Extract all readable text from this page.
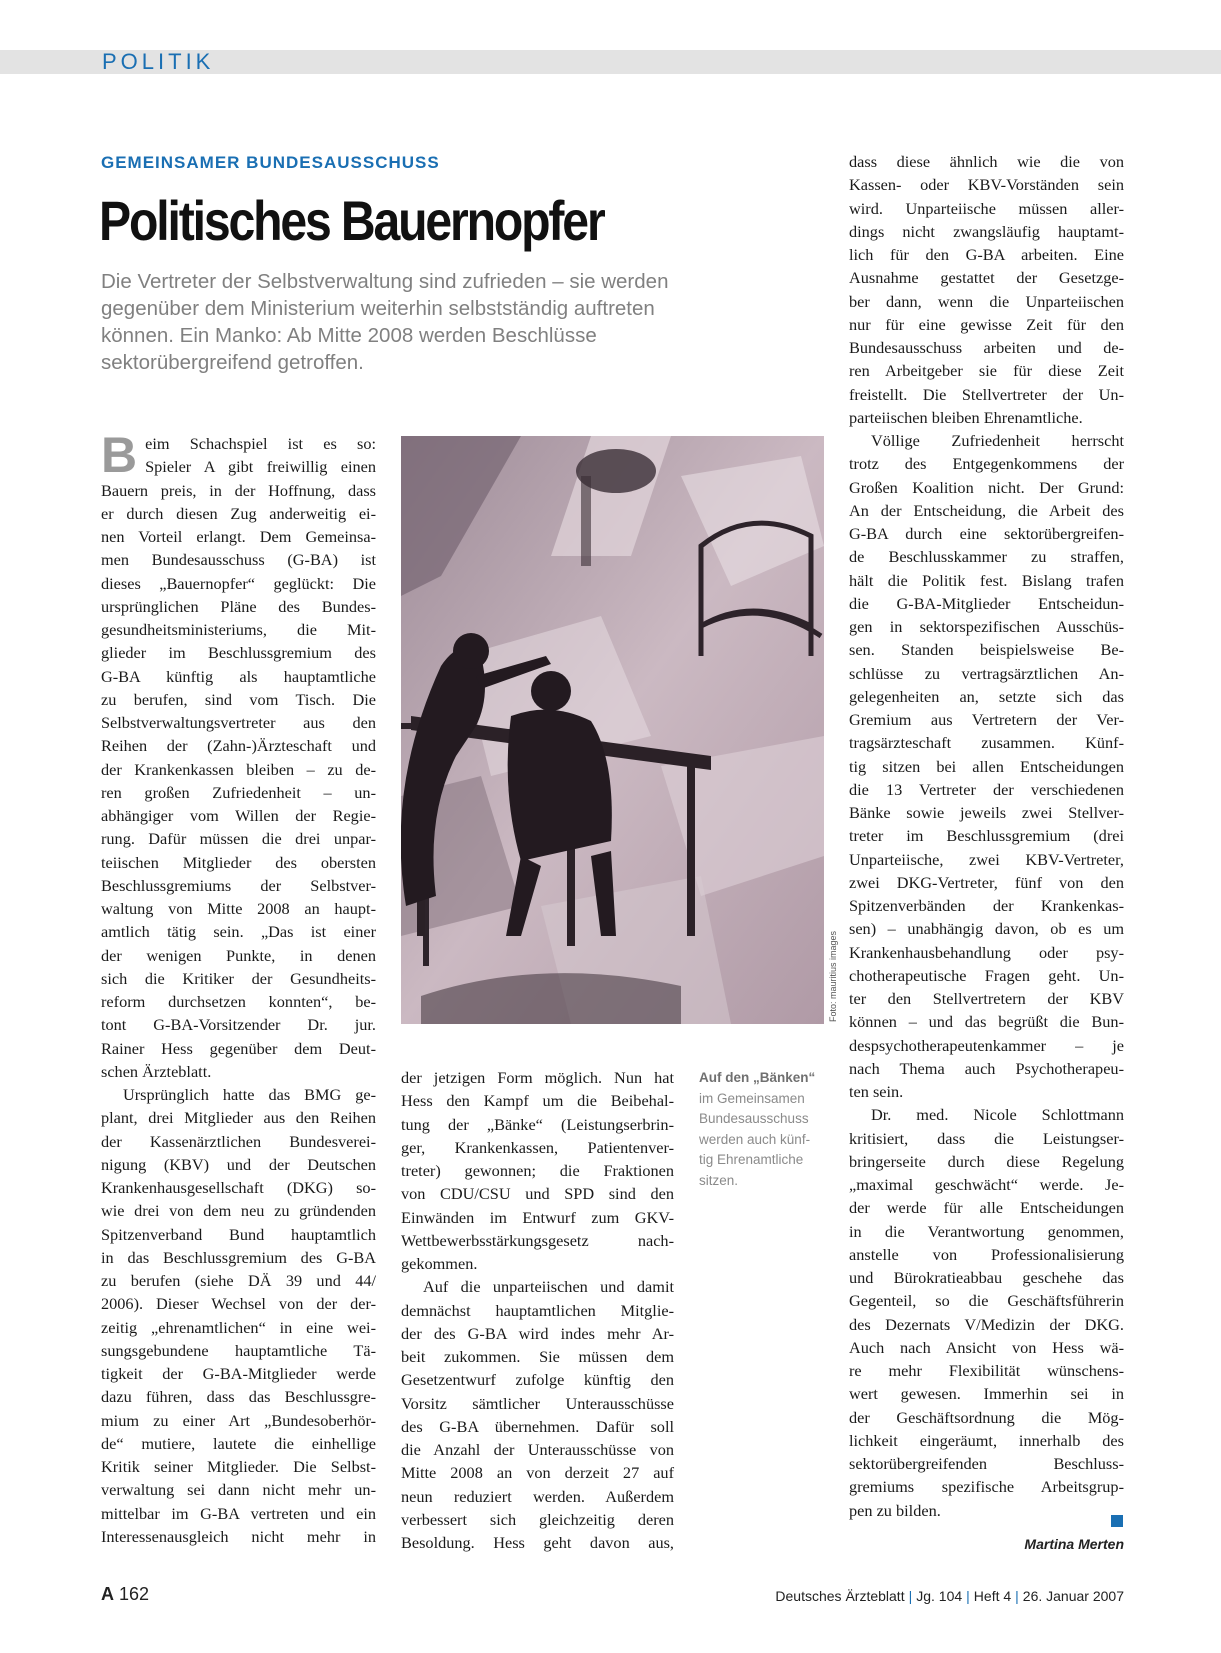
POLITIK
GEMEINSAMER BUNDESAUSSCHUSS
Politisches Bauernopfer

Die Vertreter der Selbstverwaltung sind zufrieden – sie werden

gegenüber dem Ministerium weiterhin selbstständig auftreten

können. Ein Manko: Ab Mitte 2008 werden Beschlüsse

sektorübergreifend getroffen.

B eim Schachspiel ist es so:

Spieler A gibt freiwillig einen

Bauern preis, in der Hoffnung, dass

er durch diesen Zug anderweitig ei-

nen Vorteil erlangt. Dem Gemeinsa-

men Bundesausschuss (G-BA) ist

dieses „Bauernopfer“ geglückt: Die

ursprünglichen Pläne des Bundes-

gesundheitsministeriums, die Mit-

glieder im Beschlussgremium des

G-BA künftig als hauptamtliche

zu berufen, sind vom Tisch. Die

Selbstverwaltungsvertreter aus den

Reihen der (Zahn-)Ärzteschaft und

der Krankenkassen bleiben – zu de-

ren großen Zufriedenheit – un-

abhängiger vom Willen der Regie-

rung. Dafür müssen die drei unpar-

teiischen Mitglieder des obersten

Beschlussgremiums der Selbstver-

waltung von Mitte 2008 an haupt-

amtlich tätig sein. „Das ist einer

der wenigen Punkte, in denen

sich die Kritiker der Gesundheits-

reform durchsetzen konnten“, be-

tont G-BA-Vorsitzender Dr. jur.

Rainer Hess gegenüber dem Deut-

schen Ärzteblatt.

Ursprünglich hatte das BMG ge-

plant, drei Mitglieder aus den Reihen

der Kassenärztlichen Bundesverei-

nigung (KBV) und der Deutschen

Krankenhausgesellschaft (DKG) so-

wie drei von dem neu zu gründenden

Spitzenverband Bund hauptamtlich

in das Beschlussgremium des G-BA

zu berufen (siehe DÄ 39 und 44/

2006). Dieser Wechsel von der der-

zeitig „ehrenamtlichen“ in eine wei-

sungsgebundene hauptamtliche Tä-

tigkeit der G-BA-Mitglieder werde

dazu führen, dass das Beschlussgre-

mium zu einer Art „Bundesoberhör-

de“ mutiere, lautete die einhellige

Kritik seiner Mitglieder. Die Selbst-

verwaltung sei dann nicht mehr un-

mittelbar im G-BA vertreten und ein

Interessenausgleich nicht mehr in

Foto: mauritius images
Auf den „Bänken“
im Gemeinsamen
Bundesausschuss
werden auch künf-
tig Ehrenamtliche
sitzen.

der jetzigen Form möglich. Nun hat

Hess den Kampf um die Beibehal-

tung der „Bänke“ (Leistungserbrin-

ger, Krankenkassen, Patientenver-

treter) gewonnen; die Fraktionen

von CDU/CSU und SPD sind den

Einwänden im Entwurf zum GKV-

Wettbewerbsstärkungsgesetz nach-

gekommen.

Auf die unparteiischen und damit

demnächst hauptamtlichen Mitglie-

der des G-BA wird indes mehr Ar-

beit zukommen. Sie müssen dem

Gesetzentwurf zufolge künftig den

Vorsitz sämtlicher Unterausschüsse

des G-BA übernehmen. Dafür soll

die Anzahl der Unterausschüsse von

Mitte 2008 an von derzeit 27 auf

neun reduziert werden. Außerdem

verbessert sich gleichzeitig deren

Besoldung. Hess geht davon aus,

dass diese ähnlich wie die von

Kassen- oder KBV-Vorständen sein

wird. Unparteiische müssen aller-

dings nicht zwangsläufig hauptamt-

lich für den G-BA arbeiten. Eine

Ausnahme gestattet der Gesetzge-

ber dann, wenn die Unparteiischen

nur für eine gewisse Zeit für den

Bundesausschuss arbeiten und de-

ren Arbeitgeber sie für diese Zeit

freistellt. Die Stellvertreter der Un-

parteiischen bleiben Ehrenamtliche.

Völlige Zufriedenheit herrscht

trotz des Entgegenkommens der

Großen Koalition nicht. Der Grund:

An der Entscheidung, die Arbeit des

G-BA durch eine sektorübergreifen-

de Beschlusskammer zu straffen,

hält die Politik fest. Bislang trafen

die G-BA-Mitglieder Entscheidun-

gen in sektorspezifischen Ausschüs-

sen. Standen beispielsweise Be-

schlüsse zu vertragsärztlichen An-

gelegenheiten an, setzte sich das

Gremium aus Vertretern der Ver-

tragsärzteschaft zusammen. Künf-

tig sitzen bei allen Entscheidungen

die 13 Vertreter der verschiedenen

Bänke sowie jeweils zwei Stellver-

treter im Beschlussgremium (drei

Unparteiische, zwei KBV-Vertreter,

zwei DKG-Vertreter, fünf von den

Spitzenverbänden der Krankenkas-

sen) – unabhängig davon, ob es um

Krankenhausbehandlung oder psy-

chotherapeutische Fragen geht. Un-

ter den Stellvertretern der KBV

können – und das begrüßt die Bun-

despsychotherapeutenkammer – je

nach Thema auch Psychotherapeu-

ten sein.

Dr. med. Nicole Schlottmann

kritisiert, dass die Leistungser-

bringerseite durch diese Regelung

„maximal geschwächt“ werde. Je-

der werde für alle Entscheidungen

in die Verantwortung genommen,

anstelle von Professionalisierung

und Bürokratieabbau geschehe das

Gegenteil, so die Geschäftsführerin

des Dezernats V/Medizin der DKG.

Auch nach Ansicht von Hess wä-

re mehr Flexibilität wünschens-

wert gewesen. Immerhin sei in

der Geschäftsordnung die Mög-

lichkeit eingeräumt, innerhalb des

sektorübergreifenden Beschluss-

gremiums spezifische Arbeitsgrup-

pen zu bilden.

Martina Merten
A 162	Deutsches Ärzteblatt | Jg. 104 | Heft 4 | 26. Januar 2007
